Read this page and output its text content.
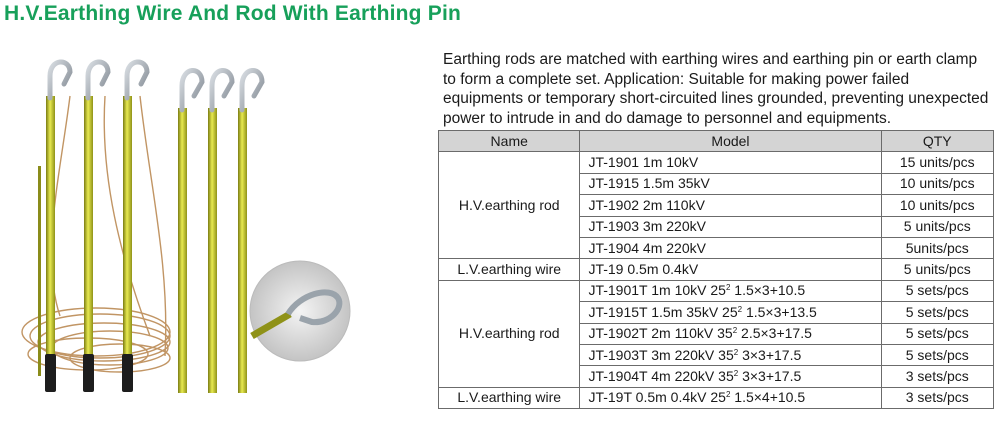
H.V.Earthing Wire And Rod With Earthing Pin
Earthing rods are matched with earthing wires and earthing pin or earth clamp to form a complete set. Application: Suitable for making power failed equipments or temporary short-circuited lines grounded, preventing unexpected power to intrude in and do damage to personnel and equipments.
Name	Model	QTY
H.V.earthing rod	JT-1901 1m 10kV	15 units/pcs
	JT-1915 1.5m 35kV	10 units/pcs
	JT-1902 2m 110kV	10 units/pcs
	JT-1903 3m 220kV	5 units/pcs
	JT-1904 4m 220kV	5units/pcs
L.V.earthing wire	JT-19 0.5m 0.4kV	5 units/pcs
H.V.earthing rod	JT-1901T 1m 10kV $25^2$ 1.5×3+10.5	5 sets/pcs
	JT-1915T 1.5m 35kV $25^2$ 1.5×3+13.5	5 sets/pcs
	JT-1902T 2m 110kV $35^2$ 2.5×3+17.5	5 sets/pcs
	JT-1903T 3m 220kV $35^2$ 3×3+17.5	5 sets/pcs
	JT-1904T 4m 220kV $35^2$ 3×3+17.5	3 sets/pcs
L.V.earthing wire	JT-19T 0.5m 0.4kV $25^2$ 1.5×4+10.5	3 sets/pcs
